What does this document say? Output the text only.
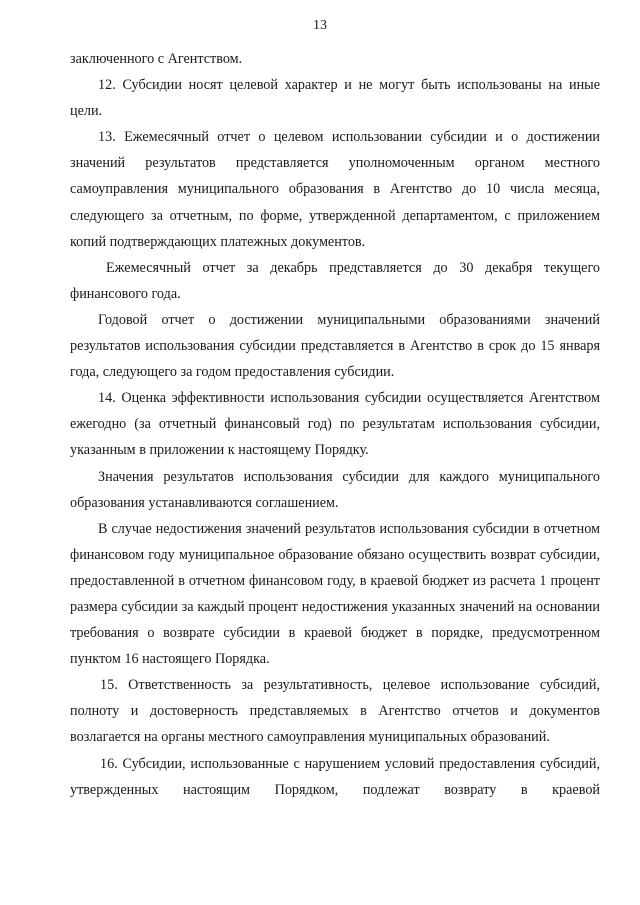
13

заключенного с Агентством.

12. Субсидии носят целевой характер и не могут быть использованы на иные цели.

13. Ежемесячный отчет о целевом использовании субсидии и о достижении значений результатов представляется уполномоченным органом местного самоуправления муниципального образования в Агентство до 10 числа месяца, следующего за отчетным, по форме, утвержденной департаментом, с приложением копий подтверждающих платежных документов.

Ежемесячный отчет за декабрь представляется до 30 декабря текущего финансового года.

Годовой отчет о достижении муниципальными образованиями значений результатов использования субсидии представляется в Агентство в срок до 15 января года, следующего за годом предоставления субсидии.

14. Оценка эффективности использования субсидии осуществляется Агентством ежегодно (за отчетный финансовый год) по результатам использования субсидии, указанным в приложении к настоящему Порядку.

Значения результатов использования субсидии для каждого муниципального образования устанавливаются соглашением.

В случае недостижения значений результатов использования субсидии в отчетном финансовом году муниципальное образование обязано осуществить возврат субсидии, предоставленной в отчетном финансовом году, в краевой бюджет из расчета 1 процент размера субсидии за каждый процент недостижения указанных значений на основании требования о возврате субсидии в краевой бюджет в порядке, предусмотренном пунктом 16 настоящего Порядка.

15. Ответственность за результативность, целевое использование субсидий, полноту и достоверность представляемых в Агентство отчетов и документов возлагается на органы местного самоуправления муниципальных образований.

16. Субсидии, использованные с нарушением условий предоставления субсидий, утвержденных настоящим Порядком, подлежат возврату в краевой
